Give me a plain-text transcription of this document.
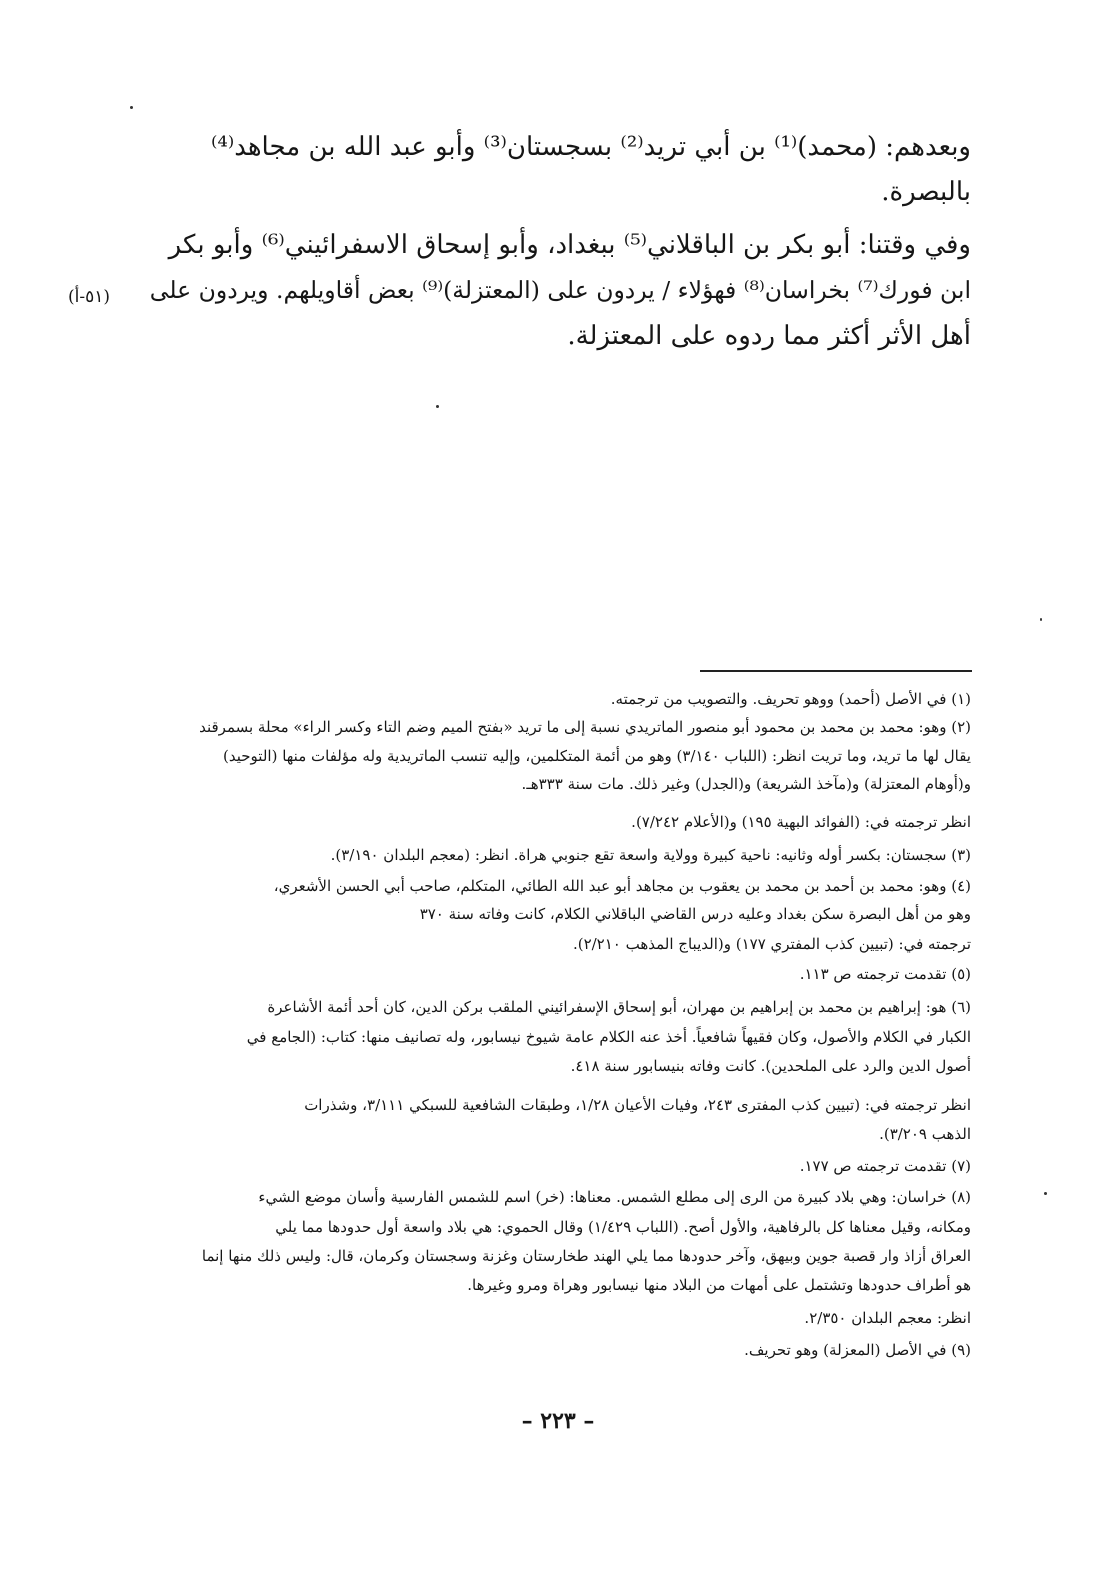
وبعدهم: (محمد)⁽¹⁾ بن أبي تريد⁽²⁾ بسجستان⁽³⁾ وأبو عبد الله بن مجاهد⁽⁴⁾
بالبصرة.
وفي وقتنا: أبو بكر بن الباقلاني⁽⁵⁾ ببغداد، وأبو إسحاق الاسفرائيني⁽⁶⁾ وأبو بكر
ابن فورك⁽⁷⁾ بخراسان⁽⁸⁾ فهؤلاء / يردون على (المعتزلة)⁽⁹⁾ بعض أقاويلهم. ويردون على
أهل الأثر أكثر مما ردوه على المعتزلة.
(٥١-أ)
(١) في الأصل (أحمد) ووهو تحريف. والتصويب من ترجمته.
(٢) وهو: محمد بن محمد بن محمود أبو منصور الماتريدي نسبة إلى ما تريد «بفتح الميم وضم التاء وكسر الراء» محلة بسمرقند
يقال لها ما تريد، وما تريت انظر: (اللباب ٣/١٤٠) وهو من أئمة المتكلمين، وإليه تنسب الماتريدية وله مؤلفات منها (التوحيد)
و(أوهام المعتزلة) و(مآخذ الشريعة) و(الجدل) وغير ذلك. مات سنة ٣٣٣هـ.
انظر ترجمته في: (الفوائد البهية ١٩٥) و(الأعلام ٧/٢٤٢).
(٣) سجستان: بكسر أوله وثانيه: ناحية كبيرة وولاية واسعة تقع جنوبي هراة. انظر: (معجم البلدان ٣/١٩٠).
(٤) وهو: محمد بن أحمد بن محمد بن يعقوب بن مجاهد أبو عبد الله الطائي، المتكلم، صاحب أبي الحسن الأشعري،
وهو من أهل البصرة سكن بغداد وعليه درس القاضي الباقلاني الكلام، كانت وفاته سنة ٣٧٠
ترجمته في: (تبيين كذب المفتري ١٧٧) و(الديباج المذهب ٢/٢١٠).
(٥) تقدمت ترجمته ص ١١٣.
(٦) هو: إبراهيم بن محمد بن إبراهيم بن مهران، أبو إسحاق الإسفرائيني الملقب بركن الدين، كان أحد أئمة الأشاعرة
الكبار في الكلام والأصول، وكان فقيهاً شافعياً. أخذ عنه الكلام عامة شيوخ نيسابور، وله تصانيف منها: كتاب: (الجامع في
أصول الدين والرد على الملحدين). كانت وفاته بنيسابور سنة ٤١٨.
انظر ترجمته في: (تبيين كذب المفترى ٢٤٣، وفيات الأعيان ١/٢٨، وطبقات الشافعية للسبكي ٣/١١١، وشذرات
الذهب ٣/٢٠٩).
(٧) تقدمت ترجمته ص ١٧٧.
(٨) خراسان: وهي بلاد كبيرة من الرى إلى مطلع الشمس. معناها: (خر) اسم للشمس الفارسية وأسان موضع الشيء
ومكانه، وقيل معناها كل بالرفاهية، والأول أصح. (اللباب ١/٤٢٩) وقال الحموي: هي بلاد واسعة أول حدودها مما يلي
العراق أزاذ وار قصبة جوين وبيهق، وآخر حدودها مما يلي الهند طخارستان وغزنة وسجستان وكرمان، قال: وليس ذلك منها إنما
هو أطراف حدودها وتشتمل على أمهات من البلاد منها نيسابور وهراة ومرو وغيرها.
انظر: معجم البلدان ٢/٣٥٠.
(٩) في الأصل (المعزلة) وهو تحريف.
– ٢٢٣ –
